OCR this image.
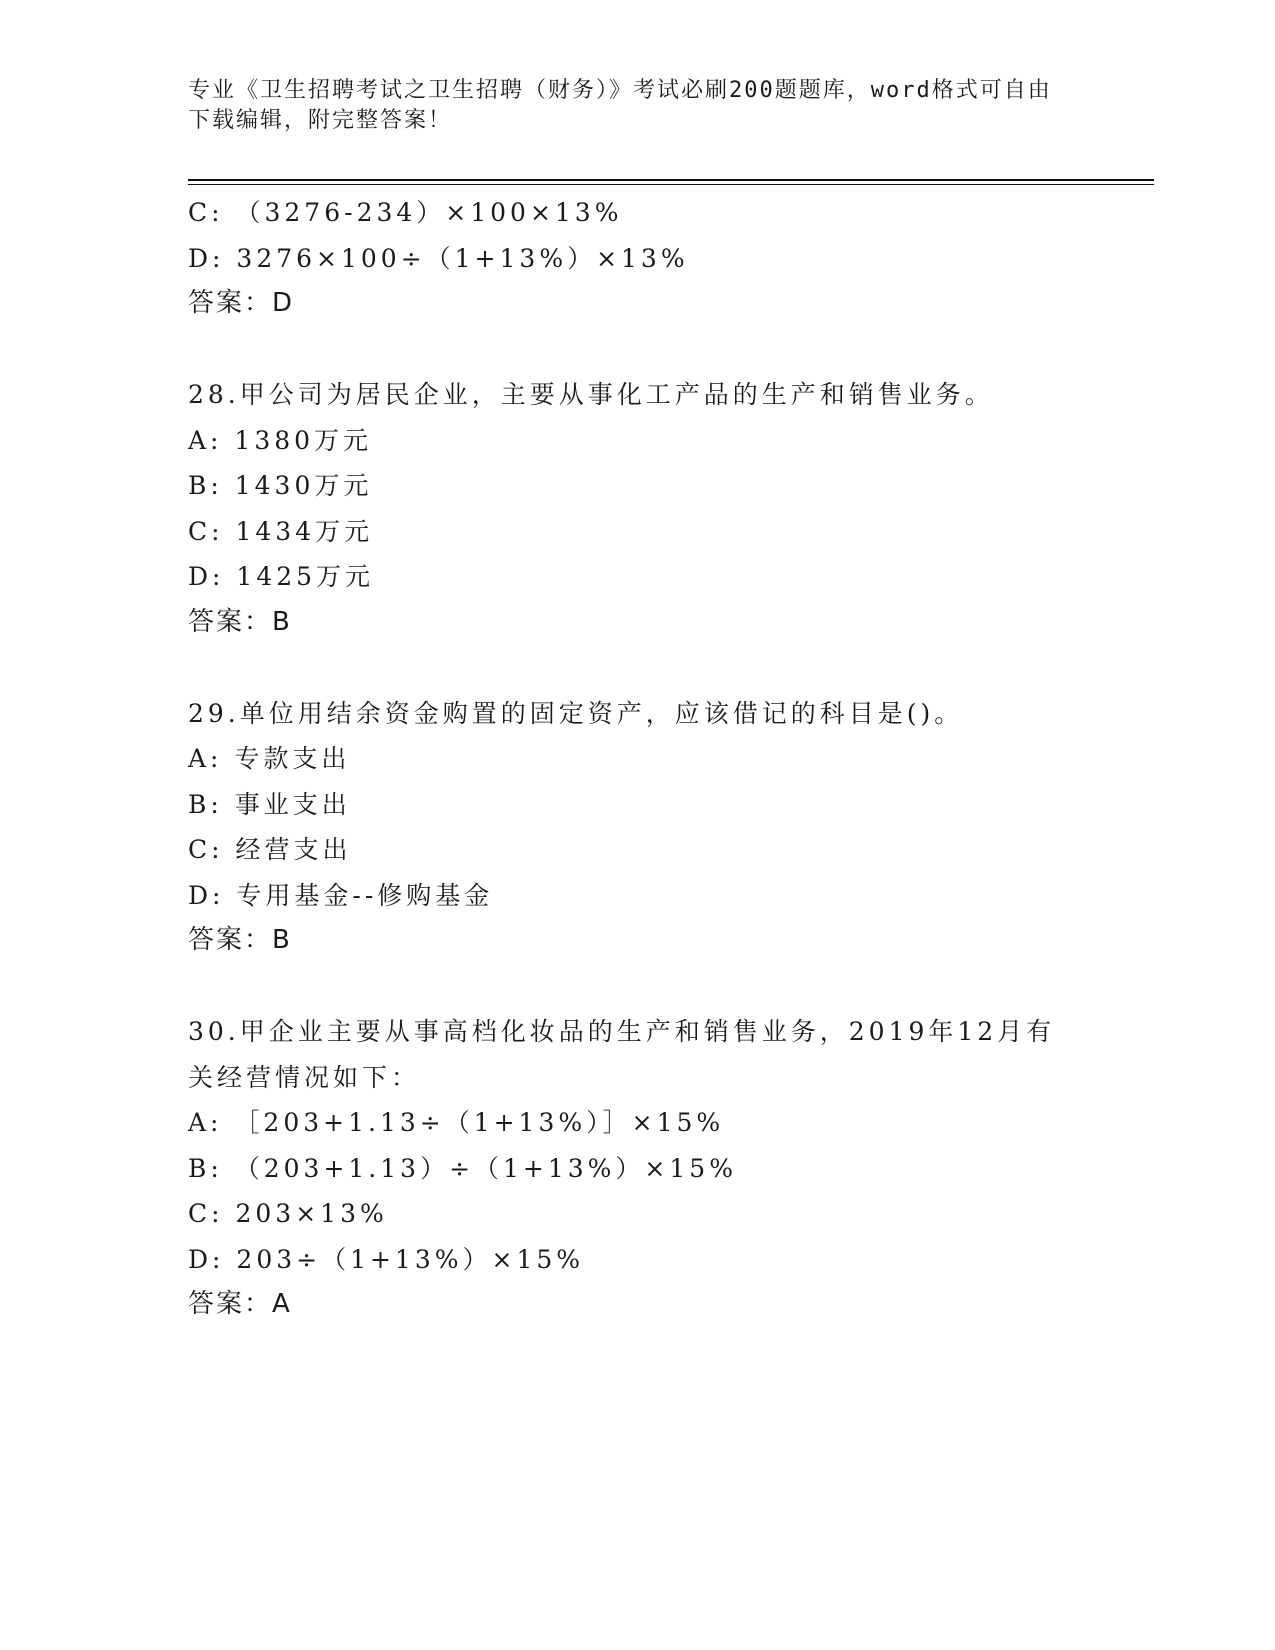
专业《卫生招聘考试之卫生招聘（财务）》考试必刷200题题库，word格式可自由下载编辑，附完整答案！
C: （3276-234）×100×13%
D: 3276×100÷（1+13%）×13%
答案：D
28.甲公司为居民企业，主要从事化工产品的生产和销售业务。
A: 1380万元
B: 1430万元
C: 1434万元
D: 1425万元
答案：B
29.单位用结余资金购置的固定资产，应该借记的科目是()。
A: 专款支出
B: 事业支出
C: 经营支出
D: 专用基金--修购基金
答案：B
30.甲企业主要从事高档化妆品的生产和销售业务，2019年12月有关经营情况如下：
A: ［203+1.13÷（1+13%）］×15%
B: （203+1.13）÷（1+13%）×15%
C: 203×13%
D: 203÷（1+13%）×15%
答案：A
